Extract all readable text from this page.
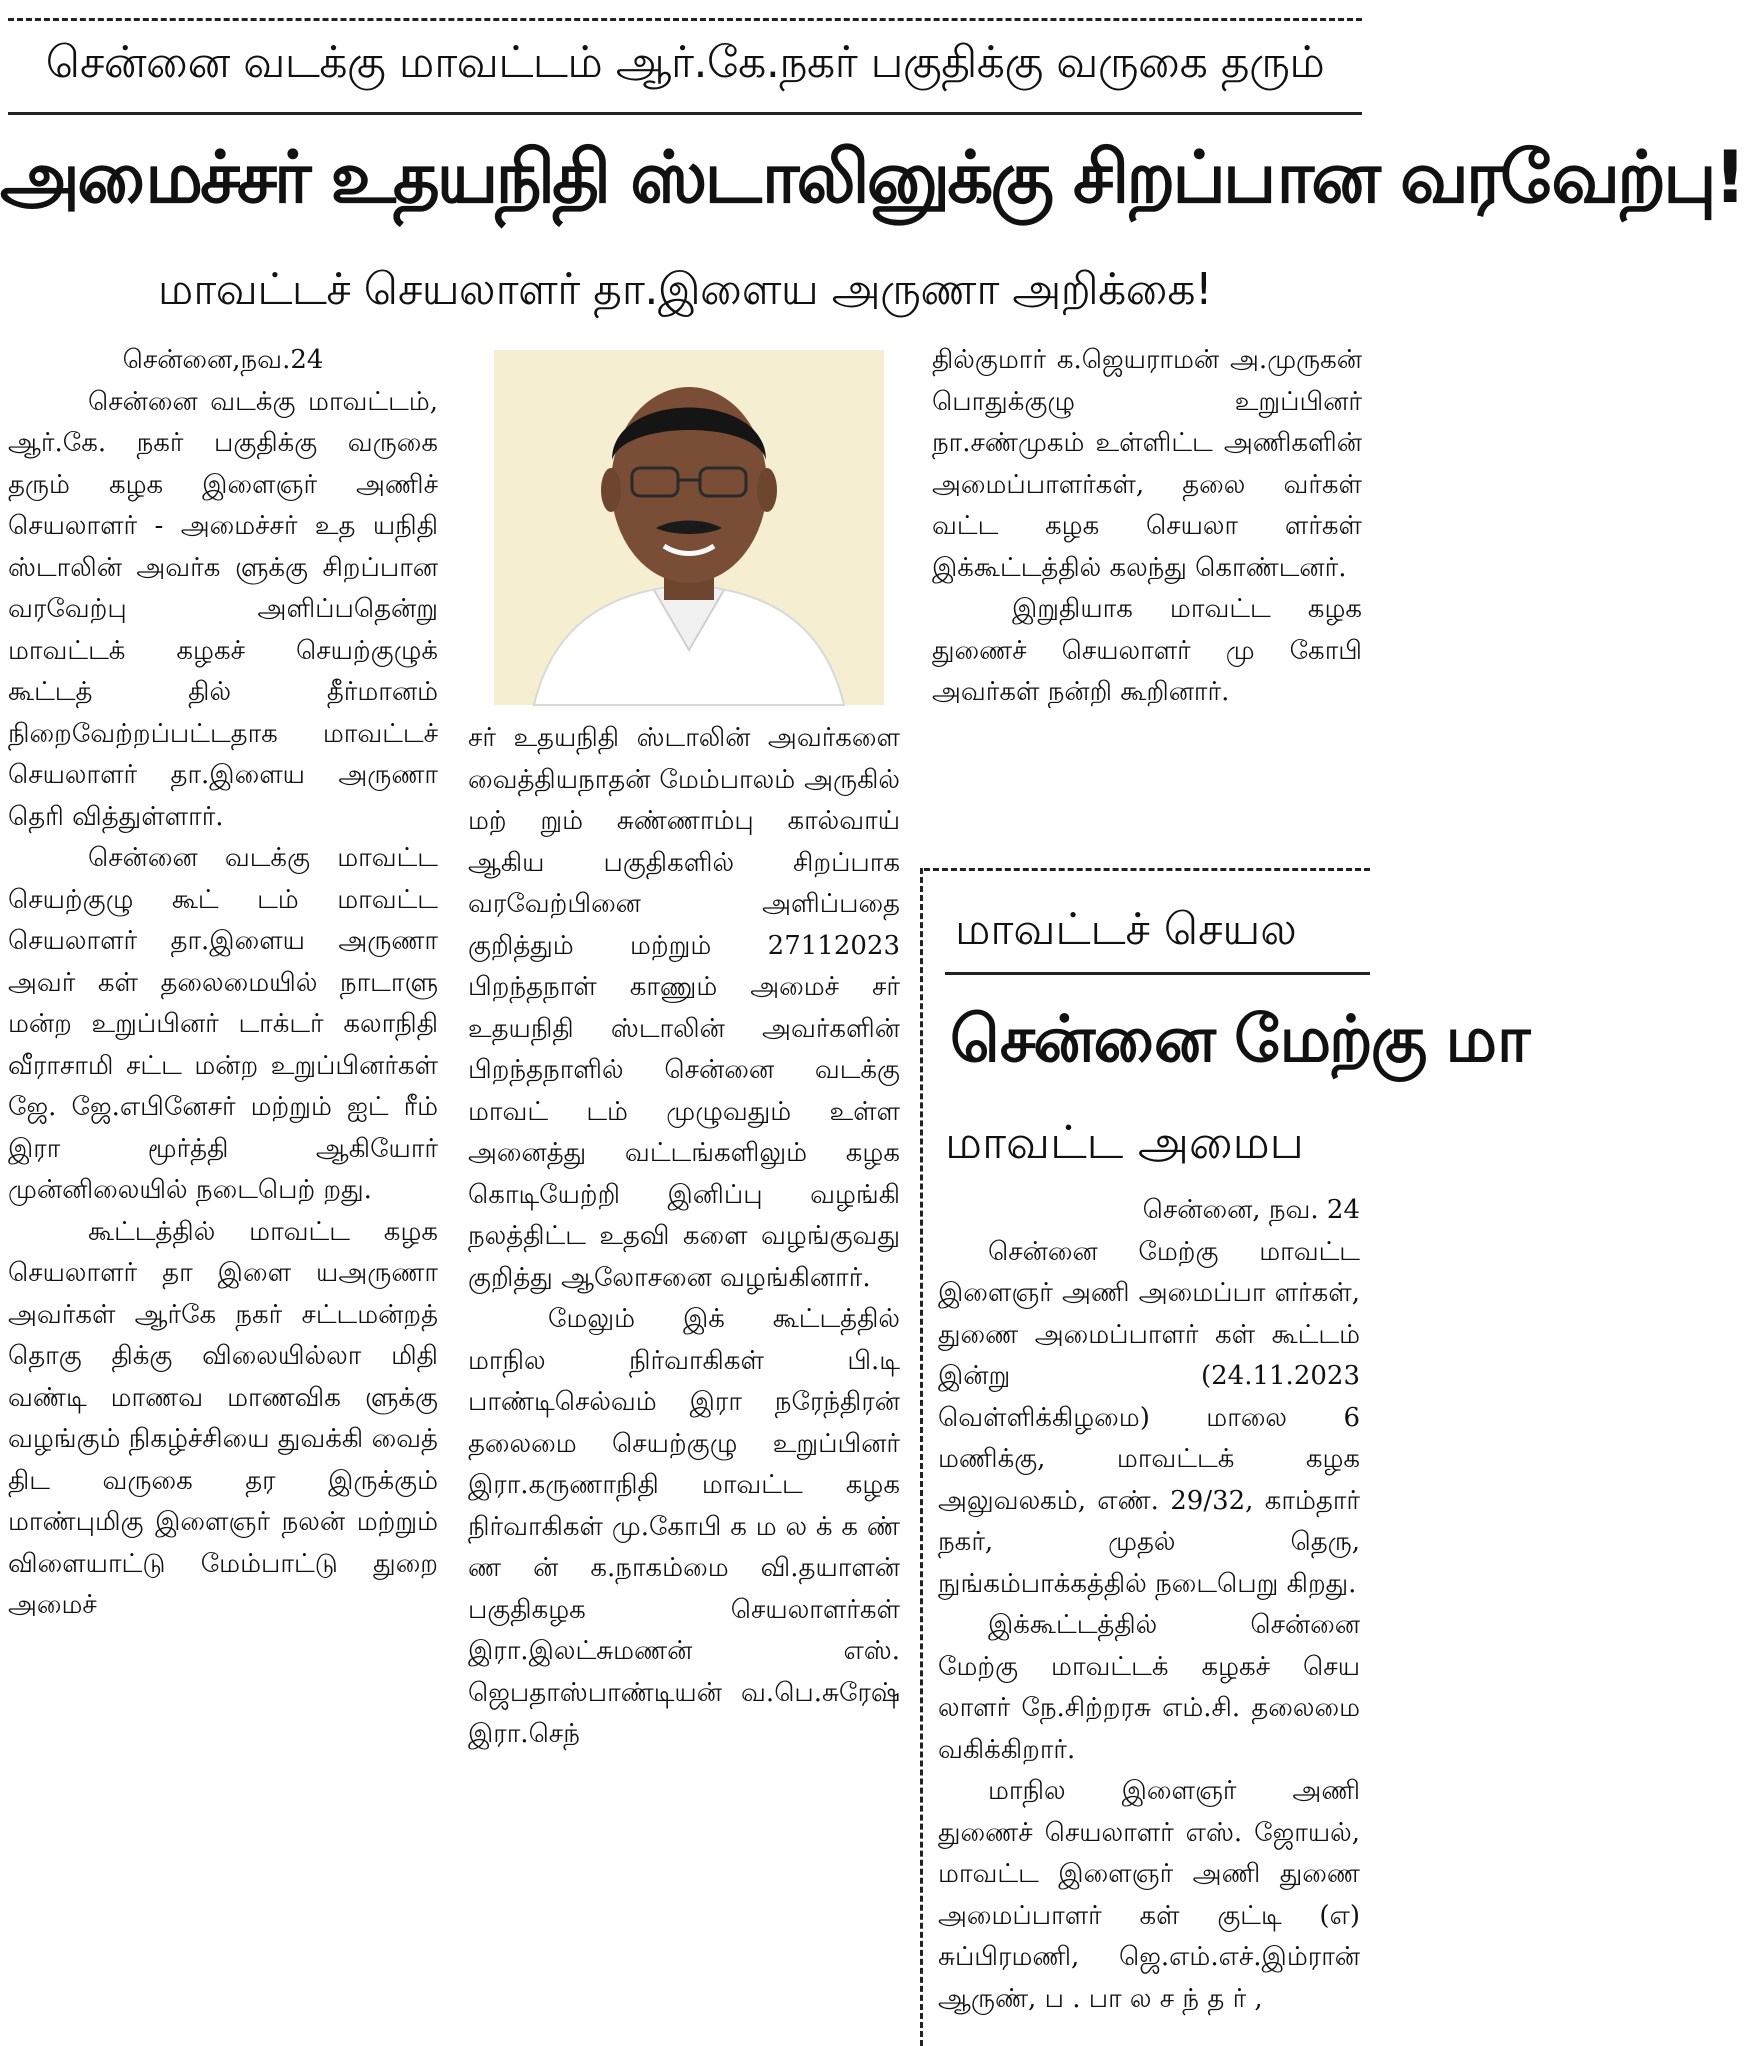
சென்னை வடக்கு மாவட்டம் ஆர்.கே.நகர் பகுதிக்கு வருகை தரும்
அமைச்சர் உதயநிதி ஸ்டாலினுக்கு சிறப்பான வரவேற்பு!
மாவட்டச் செயலாளர் தா.இளைய அருணா அறிக்கை!

சென்னை,நவ.24

சென்னை வடக்கு மாவட்டம், ஆர்.கே. நகர் பகுதிக்கு வருகை தரும் கழக இளைஞர் அணிச் செயலாளர் - அமைச்சர் உத யநிதி ஸ்டாலின் அவர்க ளுக்கு சிறப்பான வரவேற்பு அளிப்பதென்று மாவட்டக் கழகச் செயற்குழுக் கூட்டத் தில் தீர்மானம் நிறைவேற்றப்பட்டதாக மாவட்டச் செயலாளர் தா.இளைய அருணா தெரி வித்துள்ளார்.

சென்னை வடக்கு மாவட்ட செயற்குழு கூட் டம் மாவட்ட செயலாளர் தா.இளைய அருணா அவர் கள் தலைமையில் நாடாளு மன்ற உறுப்பினர் டாக்டர் கலாநிதி வீராசாமி சட்ட மன்ற உறுப்பினர்கள் ஜே. ஜே.எபினேசர் மற்றும் ஐட் ரீம் இரா மூர்த்தி ஆகியோர் முன்னிலையில் நடைபெற் றது.

கூட்டத்தில் மாவட்ட கழக செயலாளர் தா இளை யஅருணா அவர்கள் ஆர்கே நகர் சட்டமன்றத் தொகு திக்கு விலையில்லா மிதி வண்டி மாணவ மாணவிக ளுக்கு வழங்கும் நிகழ்ச்சியை துவக்கி வைத் திட வருகை தர இருக்கும் மாண்புமிகு இளைஞர் நலன் மற்றும் விளையாட்டு மேம்பாட்டு துறை அமைச்

சர் உதயநிதி ஸ்டாலின் அவர்களை வைத்தியநாதன் மேம்பாலம் அருகில் மற் றும் சுண்ணாம்பு கால்வாய் ஆகிய பகுதிகளில் சிறப்பாக வரவேற்பினை அளிப்பதை குறித்தும் மற்றும் 27112023 பிறந்தநாள் காணும் அமைச் சர் உதயநிதி ஸ்டாலின் அவர்களின் பிறந்தநாளில் சென்னை வடக்கு மாவட் டம் முழுவதும் உள்ள அனைத்து வட்டங்களிலும் கழக கொடியேற்றி இனிப்பு வழங்கி நலத்திட்ட உதவி களை வழங்குவது குறித்து ஆலோசனை வழங்கினார்.

மேலும் இக் கூட்டத்தில் மாநில நிர்வாகிகள் பி.டி பாண்டிசெல்வம் இரா நரேந்திரன் தலைமை செயற்குழு உறுப்பினர் இரா.கருணாநிதி மாவட்ட கழக நிர்வாகிகள் மு.கோபி க ம ல க் க ண் ண ன் க.நாகம்மை வி.தயாளன் பகுதிகழக செயலாளர்கள் இரா.இலட்சுமணன் எஸ். ஜெபதாஸ்பாண்டியன் வ.பெ.சுரேஷ் இரா.செந்

தில்குமார் க.ஜெயராமன் அ.முருகன் பொதுக்குழு உறுப்பினர் நா.சண்முகம் உள்ளிட்ட அணிகளின் அமைப்பாளர்கள், தலை வர்கள் வட்ட கழக செயலா ளர்கள் இக்கூட்டத்தில் கலந்து கொண்டனர்.

இறுதியாக மாவட்ட கழக துணைச் செயலாளர் மு கோபி அவர்கள் நன்றி கூறினார்.

மாவட்டச் செயல
சென்னை மேற்கு மா
மாவட்ட அமைப

சென்னை, நவ. 24

சென்னை மேற்கு மாவட்ட இளைஞர் அணி அமைப்பா ளர்கள், துணை அமைப்பாளர் கள் கூட்டம் இன்று (24.11.2023 வெள்ளிக்கிழமை) மாலை 6 மணிக்கு, மாவட்டக் கழக அலுவலகம், எண். 29/32, காம்தார் நகர், முதல் தெரு, நுங்கம்பாக்கத்தில் நடைபெறு கிறது.

இக்கூட்டத்தில் சென்னை மேற்கு மாவட்டக் கழகச் செய லாளர் நே.சிற்றரசு எம்.சி. தலைமை வகிக்கிறார்.

மாநில இளைஞர் அணி துணைச் செயலாளர் எஸ். ஜோயல், மாவட்ட இளைஞர் அணி துணை அமைப்பாளர் கள் குட்டி (எ) சுப்பிரமணி, ஜெ.எம்.எச்.இம்ரான் ஆருண், ப . பா ல ச ந் த ர் ,
